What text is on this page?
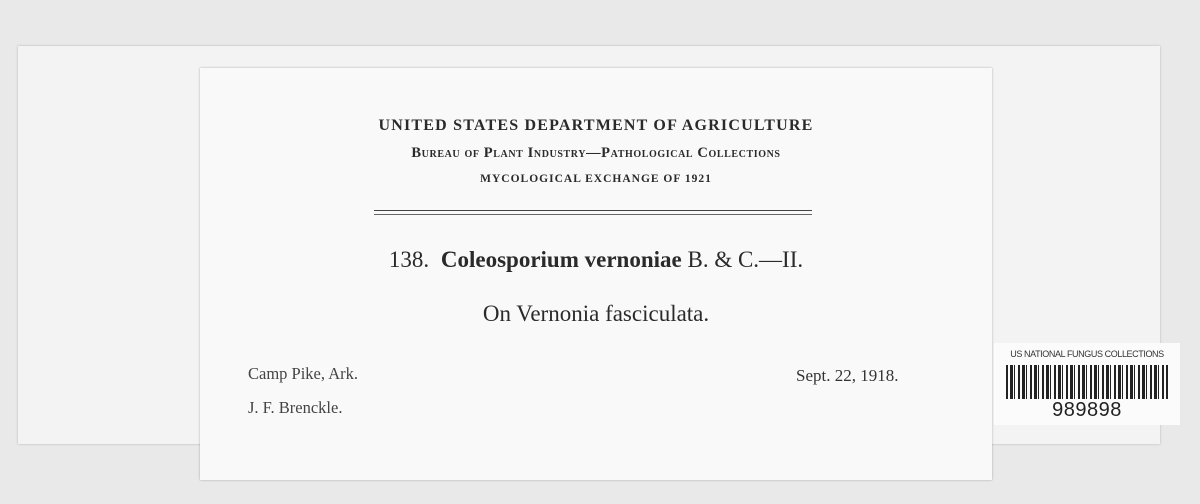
UNITED STATES DEPARTMENT OF AGRICULTURE
Bureau of Plant Industry—Pathological Collections
MYCOLOGICAL EXCHANGE OF 1921
138. Coleosporium vernoniae B. & C.—II.
On Vernonia fasciculata.
Camp Pike, Ark.
J. F. Brenckle.
Sept. 22, 1918.
US NATIONAL FUNGUS COLLECTIONS
989898
